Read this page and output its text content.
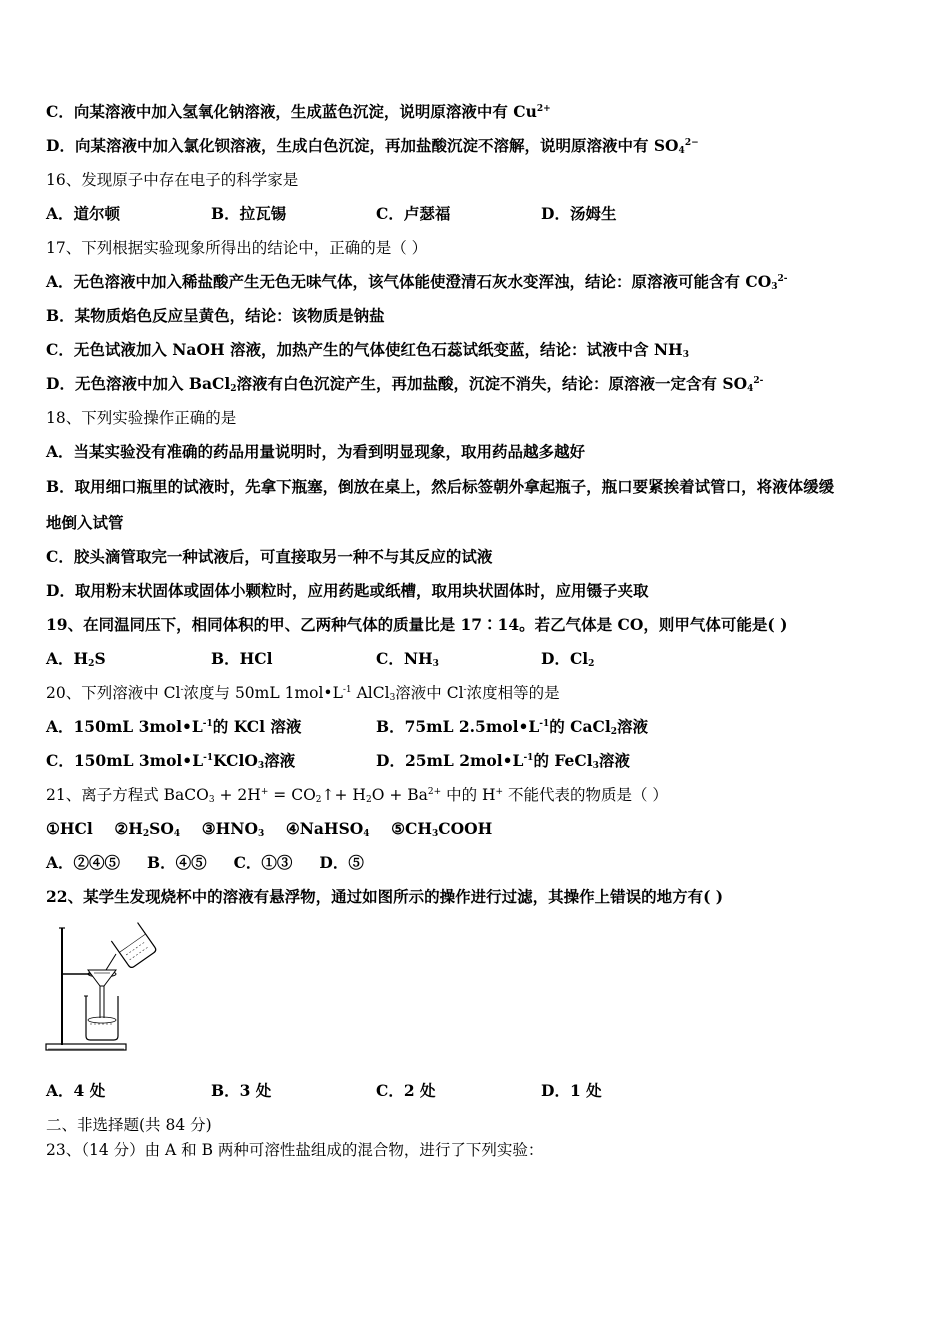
C．向某溶液中加入氢氧化钠溶液，生成蓝色沉淀，说明原溶液中有 $Cu^{2+}$
D．向某溶液中加入氯化钡溶液，生成白色沉淀，再加盐酸沉淀不溶解，说明原溶液中有 $SO_4^{2-}$
16、发现原子中存在电子的科学家是
A．道尔顿	B．拉瓦锡	C．卢瑟福	D．汤姆生
17、下列根据实验现象所得出的结论中，正确的是（ ）
A．无色溶液中加入稀盐酸产生无色无味气体，该气体能使澄清石灰水变浑浊，结论：原溶液可能含有 $CO_3^{2-}$
B．某物质焰色反应呈黄色，结论：该物质是钠盐
C．无色试液加入 NaOH 溶液，加热产生的气体使红色石蕊试纸变蓝，结论：试液中含 $NH_3$
D．无色溶液中加入 BaCl$_2$溶液有白色沉淀产生，再加盐酸，沉淀不消失，结论：原溶液一定含有 $SO_4^{2-}$
18、下列实验操作正确的是
A．当某实验没有准确的药品用量说明时，为看到明显现象，取用药品越多越好
B．取用细口瓶里的试液时，先拿下瓶塞，倒放在桌上，然后标签朝外拿起瓶子，瓶口要紧挨着试管口，将液体缓缓
地倒入试管
C．胶头滴管取完一种试液后，可直接取另一种不与其反应的试液
D．取用粉末状固体或固体小颗粒时，应用药匙或纸槽，取用块状固体时，应用镊子夹取
19、在同温同压下，相同体积的甲、乙两种气体的质量比是 17∶14。若乙气体是 CO，则甲气体可能是( )
A．$H_2S$	B．HCl	C．$NH_3$	D．$Cl_2$
20、下列溶液中 Cl-浓度与 50mL $1mol•L^{-1}$ AlCl$_3$溶液中 Cl-浓度相等的是
A．150mL $3mol•L^{-1}$的 KCl 溶液	B．75mL $2.5mol•L^{-1}$的 CaCl$_2$溶液
C．150mL $3mol•L^{-1}KClO_3$溶液	D．25mL $2mol•L^{-1}$的 FeCl$_3$溶液
21、离子方程式 BaCO$_3$ + $2H^+ = CO_2↑+ H_2O + Ba^{2+}$ 中的 H+ 不能代表的物质是（ ）
①HCl $②H_2SO_4$ $③HNO_3$ ④NaHSO$_4$ $⑤CH_3COOH$
A．②④⑤     B．④⑤     C．①③     D．⑤
22、某学生发现烧杯中的溶液有悬浮物，通过如图所示的操作进行过滤，其操作上错误的地方有( )
A．4 处	B．3 处	C．2 处	D．1 处
二、非选择题(共 84 分)
23、（14 分）由 A 和 B 两种可溶性盐组成的混合物，进行了下列实验：
